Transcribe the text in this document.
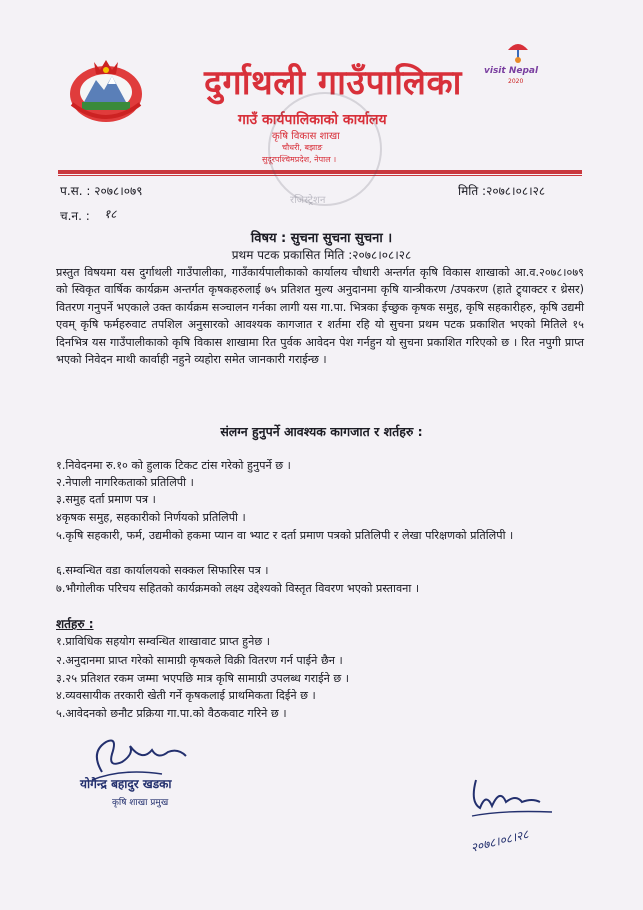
visit Nepal
2020
दुर्गाथली गाउँपालिका
गाउँ कार्यपालिकाको कार्यालय
कृषि विकास शाखा
चौधरी, बझाङ
सुदूरपश्चिमप्रदेश, नेपाल ।
रजिस्ट्रेशन
प.स. : २०७८।०७९	मिति :२०७८।०८।२८
च.न. : १८
विषय : सुचना सुचना सुचना ।
प्रथम पटक प्रकासित मिति :२०७८।०८।२८

प्रस्तुत विषयमा यस दुर्गाथली गाउँपालीका, गाउँकार्यपालीकाको कार्यालय चौधारी अन्तर्गत कृषि विकास शाखाको आ.व.२०७८।०७९ को स्विकृत वार्षिक कार्यक्रम अन्तर्गत कृषकहरुलाई ७५ प्रतिशत मुल्य अनुदानमा कृषि यान्त्रीकरण /उपकरण (हाते ट्र्याक्टर र थ्रेसर) वितरण गनुपर्ने भएकाले उक्त कार्यक्रम सञ्चालन गर्नका लागी यस गा.पा. भित्रका ईच्छुक कृषक समुह, कृषि सहकारीहरु, कृषि उद्यमी एवम् कृषि फर्महरुवाट तपशिल अनुसारको आवश्यक कागजात र शर्तमा रहि यो सुचना प्रथम पटक प्रकाशित भएको मितिले १५ दिनभित्र यस गाउँपालीकाको कृषि विकास शाखामा रित पुर्वक आवेदन पेश गर्नहुन यो सुचना प्रकाशित गरिएको छ । रित नपुगी प्राप्त भएको निवेदन माथी कार्वाही नहुने व्यहोरा समेत जानकारी गराईन्छ ।

संलग्न हुनुपर्ने आवश्यक कागजात र शर्तहरु :

१.निवेदनमा रु.१० को हुलाक टिकट टांस गरेको हुनुपर्ने छ ।

२.नेपाली नागरिकताको प्रतिलिपी ।

३.समुह दर्ता प्रमाण पत्र ।

४कृषक समुह, सहकारीको निर्णयको प्रतिलिपी ।

५.कृषि सहकारी, फर्म, उद्यमीको हकमा प्यान वा भ्याट र दर्ता प्रमाण पत्रको प्रतिलिपी र लेखा परिक्षणको प्रतिलिपी ।

६.सम्वन्धित वडा कार्यालयको सक्कल सिफारिस पत्र ।

७.भौगोलीक परिचय सहितको कार्यक्रमको लक्ष्य उद्देश्यको विस्तृत विवरण भएको प्रस्तावना ।

शर्तहरु :

१.प्राविधिक सहयोग सम्वन्धित शाखावाट प्राप्त हुनेछ ।

२.अनुदानमा प्राप्त गरेको सामाग्री कृषकले विक्री वितरण गर्न पाईने छैन ।

३.२५ प्रतिशत रकम जम्मा भएपछि मात्र कृषि सामाग्री उपलब्ध गराईने छ ।

४.व्यवसायीक तरकारी खेती गर्ने कृषकलाई प्राथमिकता दिईने छ ।

५.आवेदनको छनौट प्रक्रिया गा.पा.को वैठकवाट गरिने छ ।

योगेन्द्र बहादुर खडका
कृषि शाखा प्रमुख
२०७८।०८।२८
